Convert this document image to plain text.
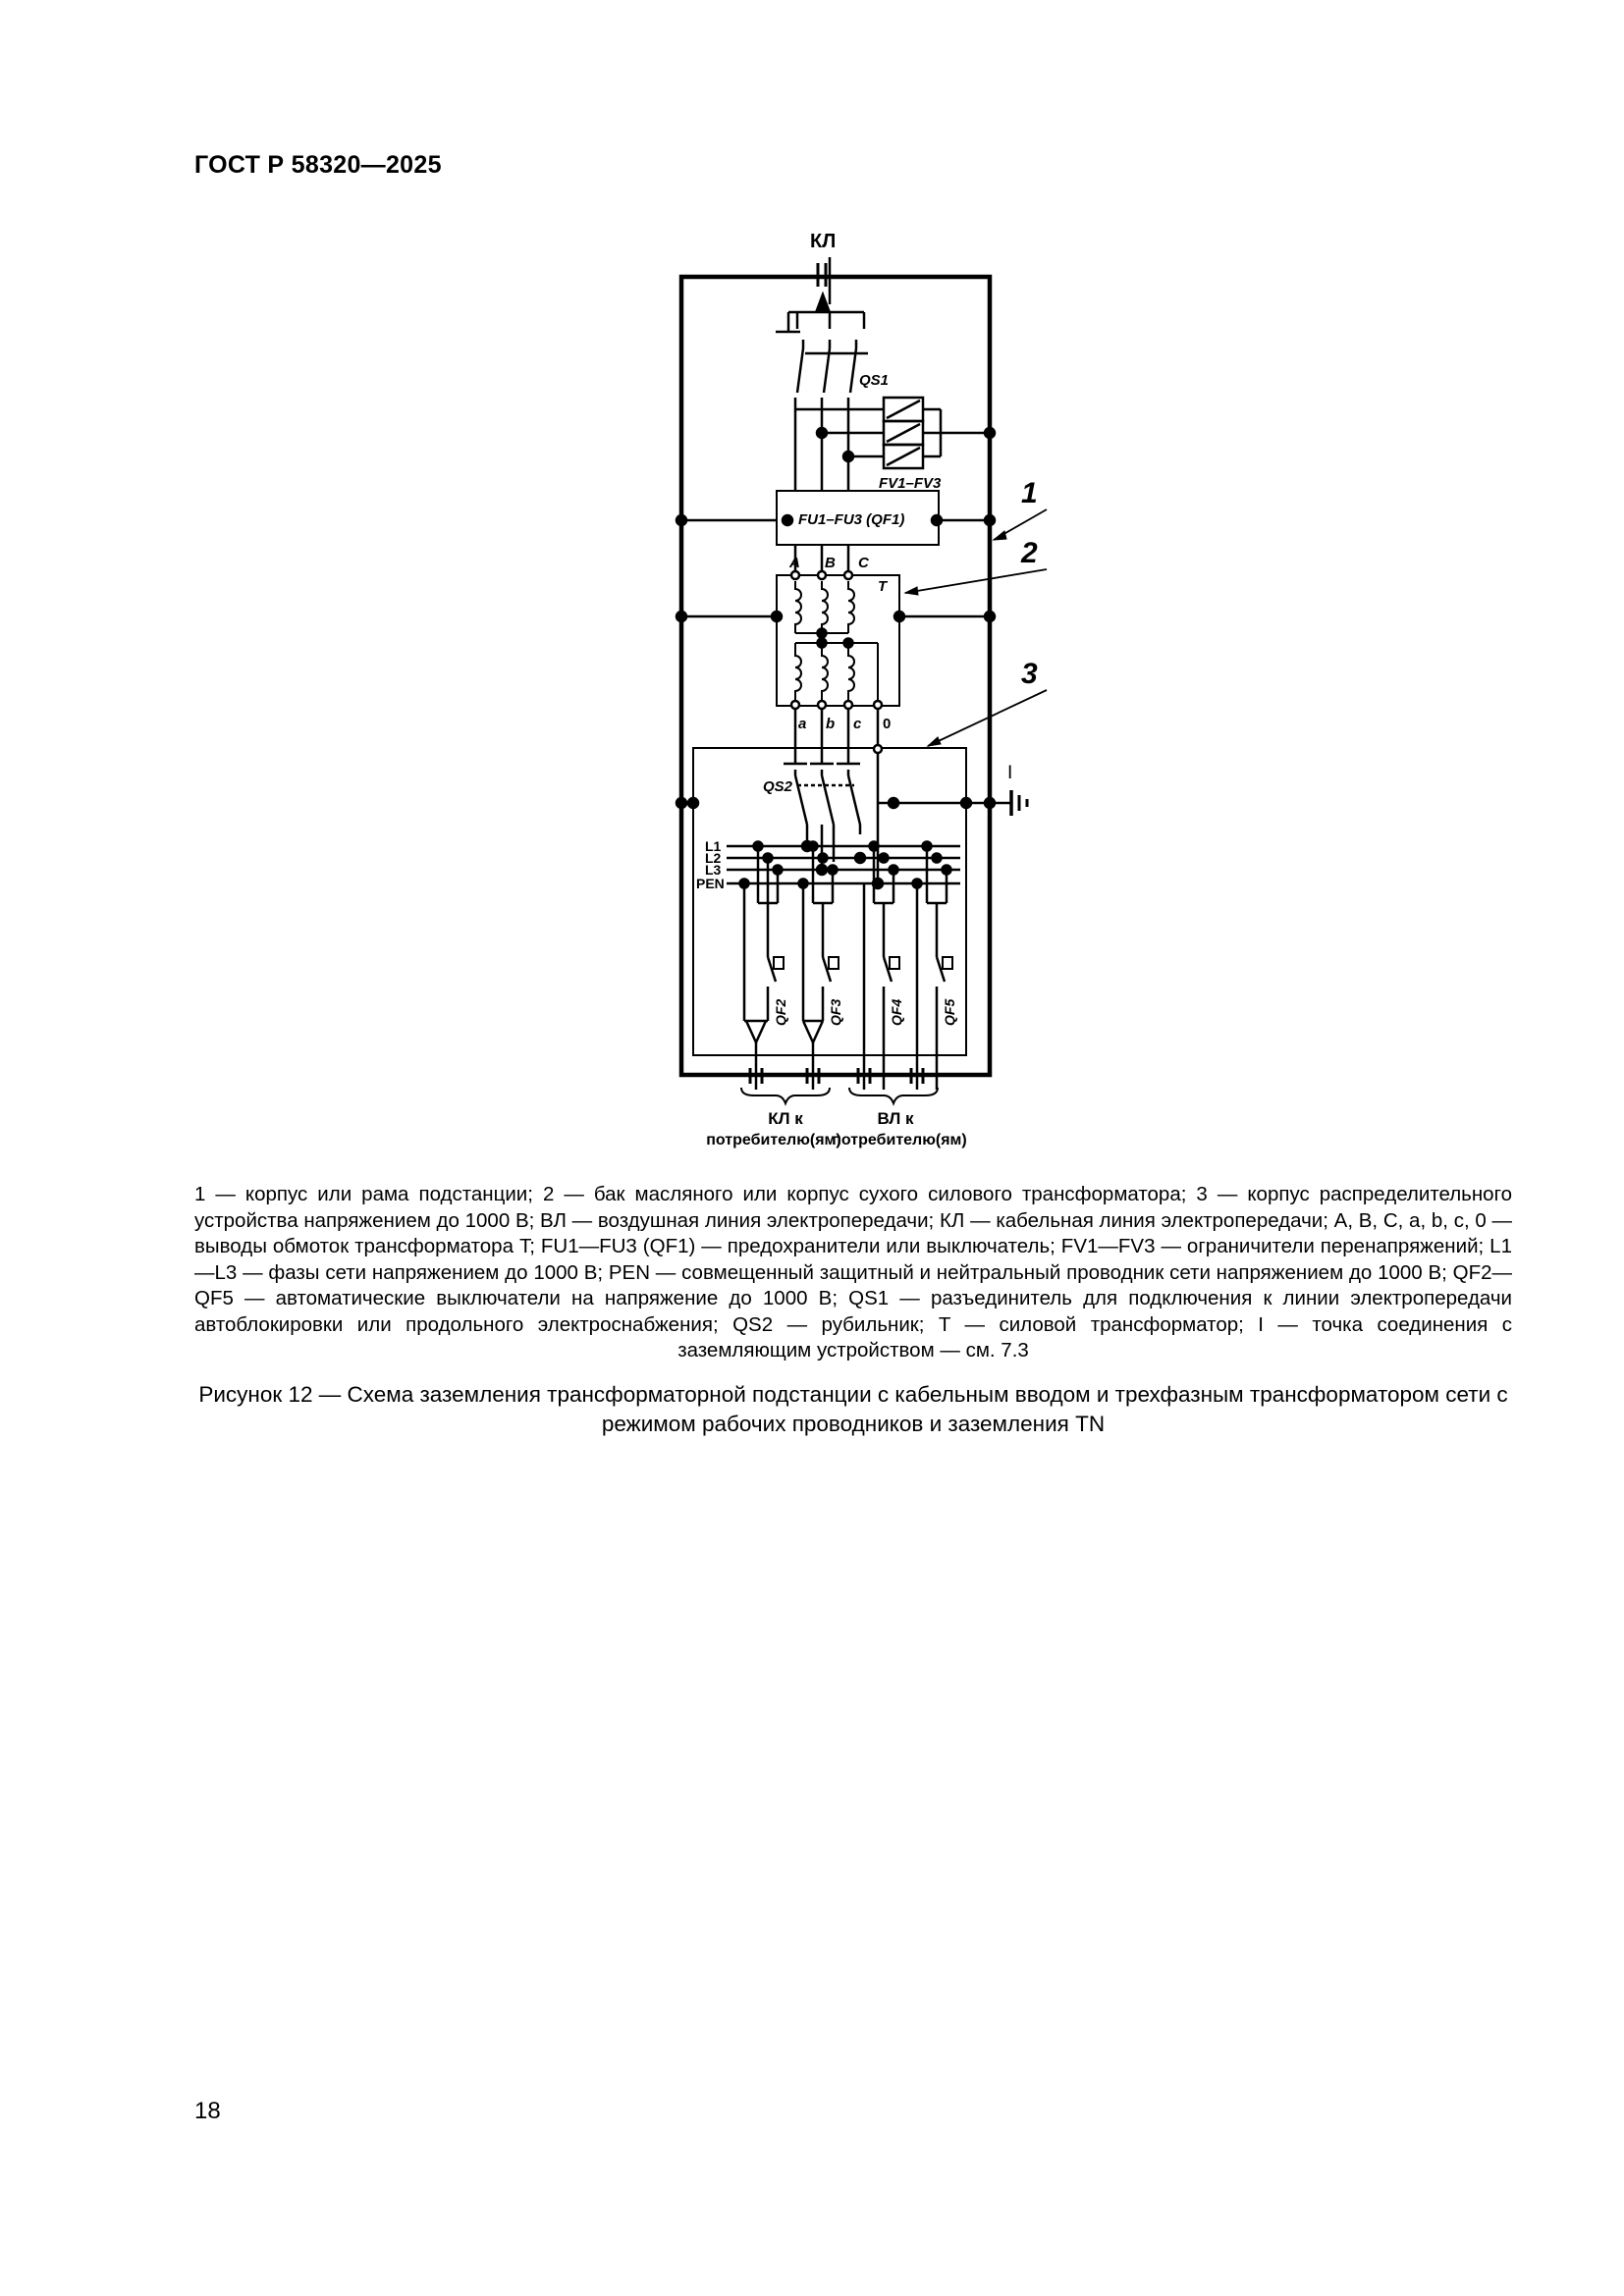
ГОСТ Р 58320—2025
КЛ
QS1
FV1–FV3
FU1–FU3 (QF1)
A B C
T
a b c 0
QS2
I
L1
L2
L3
PEN
QF2	QF3	QF4	QF5
1
2
3
КЛ к
потребителю(ям)
ВЛ к
потребителю(ям)
1 — корпус или рама подстанции; 2 — бак масляного или корпус сухого силового трансформатора; 3 — корпус распределительного устройства напряжением до 1000 В; ВЛ — воздушная линия электропередачи; КЛ — кабельная линия электропередачи; A, B, C, a, b, c, 0 — выводы обмоток трансформатора T; FU1—FU3 (QF1) — предохранители или выключатель; FV1—FV3 — ограничители перенапряжений; L1—L3 — фазы сети напряжением до 1000 В; PEN — совмещенный защитный и нейтральный проводник сети напряжением до 1000 В; QF2—QF5 — автоматические выключатели на напряжение до 1000 В; QS1 — разъединитель для подключения к линии электропередачи автоблокировки или продольного электроснабжения; QS2 — рубильник; T — силовой трансформатор; I — точка соединения с заземляющим устройством — см. 7.3
Рисунок 12 — Схема заземления трансформаторной подстанции с кабельным вводом и трехфазным трансформатором сети с режимом рабочих проводников и заземления TN
18
